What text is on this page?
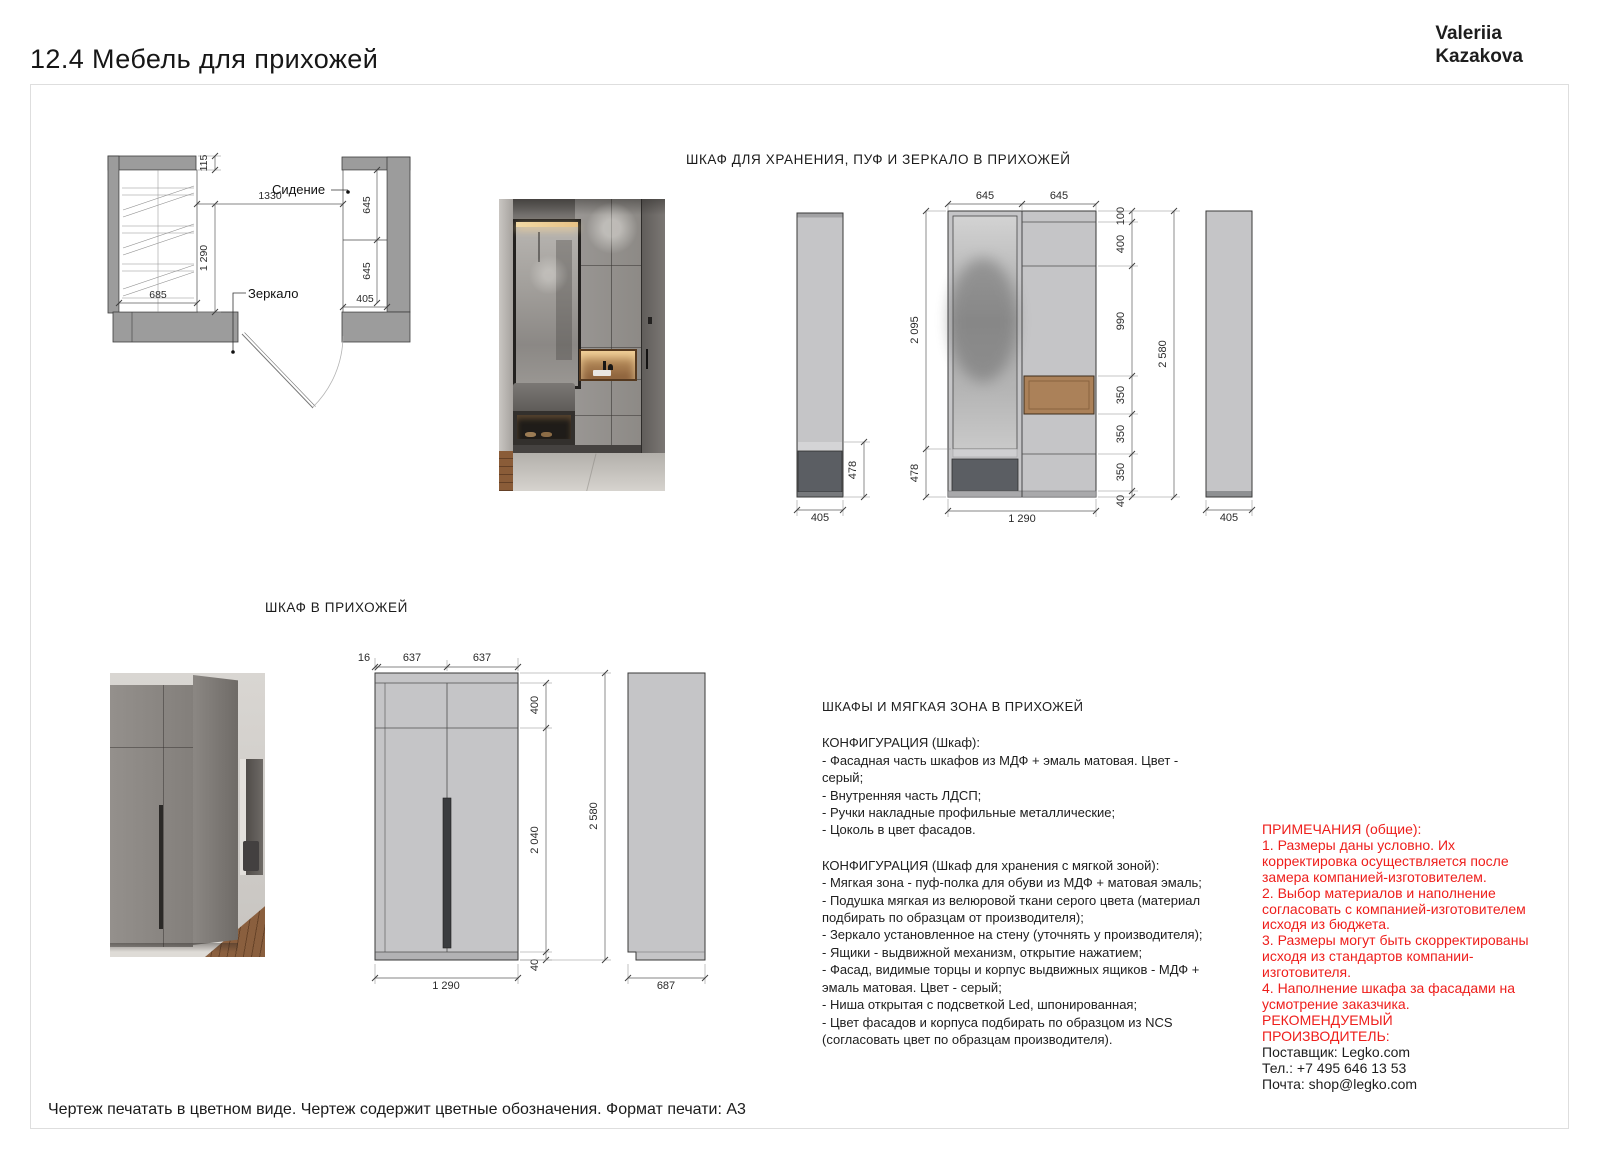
12.4 Мебель для прихожей
Valeriia
Kazakova
115
1 290
1330
685
645
645
405
Сидение
Зеркало
ШКАФ ДЛЯ ХРАНЕНИЯ, ПУФ И ЗЕРКАЛО В ПРИХОЖЕЙ
405
478
645	645
2 095
478
1 290
100
400
990
350
350
350
40
2 580
405
ШКАФ В ПРИХОЖЕЙ
16	637	637
400
2 040
40
1 290
2 580
687
ШКАФЫ И МЯГКАЯ ЗОНА В ПРИХОЖЕЙ
КОНФИГУРАЦИЯ (Шкаф):
- Фасадная часть шкафов из МДФ + эмаль матовая. Цвет - серый;
- Внутренняя часть ЛДСП;
- Ручки накладные профильные металлические;
- Цоколь в цвет фасадов.
КОНФИГУРАЦИЯ (Шкаф для хранения с мягкой зоной):
- Мягкая зона - пуф-полка для обуви из МДФ + матовая эмаль;
- Подушка мягкая из велюровой ткани серого цвета (материал подбирать по образцам от производителя);
- Зеркало установленное на стену (уточнять у производителя);
- Ящики - выдвижной механизм, открытие нажатием;
- Фасад, видимые торцы и корпус выдвижных ящиков - МДФ + эмаль матовая. Цвет - серый;
- Ниша открытая с подсветкой Led, шпонированная;
- Цвет фасадов и корпуса подбирать по образцом из NCS (согласовать цвет по образцам производителя).
ПРИМЕЧАНИЯ (общие):
1. Размеры даны условно. Их корректировка осуществляется после замера компанией-изготовителем.
2. Выбор материалов и наполнение согласовать с компанией-изготовителем исходя из бюджета.
3. Размеры могут быть скорректированы исходя из стандартов компании-изготовителя.
4. Наполнение шкафа за фасадами на усмотрение заказчика.
РЕКОМЕНДУЕМЫЙ ПРОИЗВОДИТЕЛЬ:
Поставщик: Legko.com
Тел.: +7 495 646 13 53
Почта: shop@legko.com
Чертеж печатать в цветном виде. Чертеж содержит цветные обозначения. Формат печати: А3
